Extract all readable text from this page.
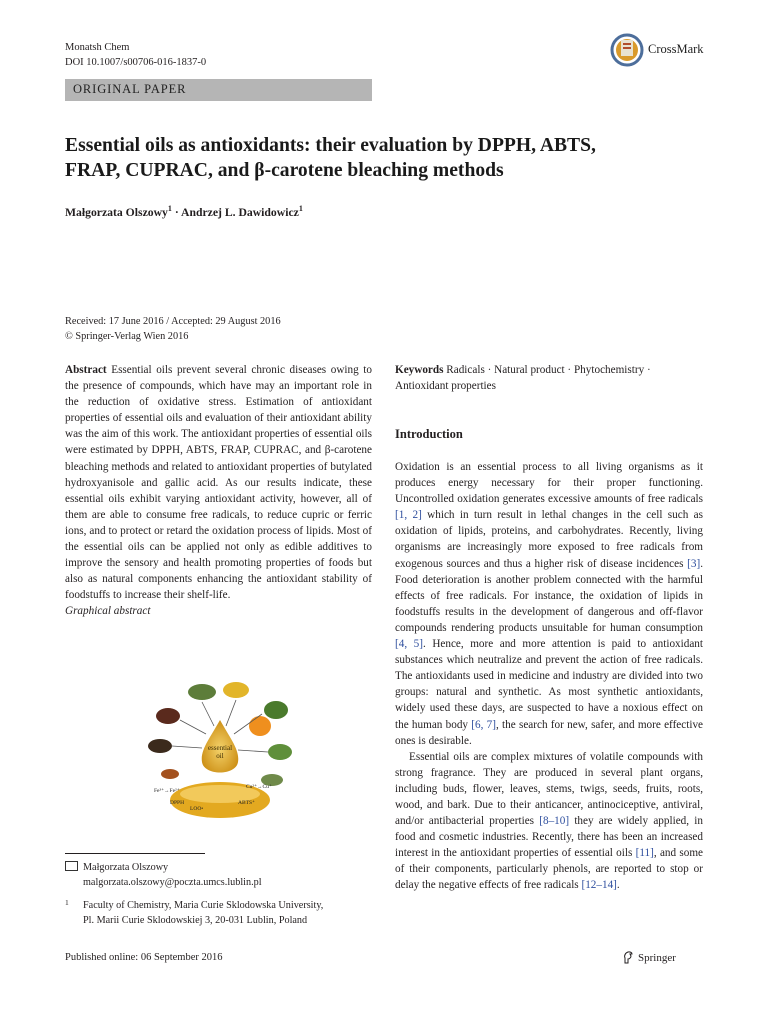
Monatsh Chem
DOI 10.1007/s00706-016-1837-0
CrossMark
ORIGINAL PAPER
Essential oils as antioxidants: their evaluation by DPPH, ABTS,
FRAP, CUPRAC, and β-carotene bleaching methods
Małgorzata Olszowy$^1$ · Andrzej L. Dawidowicz$^1$
Received: 17 June 2016 / Accepted: 29 August 2016
© Springer-Verlag Wien 2016

Abstract Essential oils prevent several chronic diseases owing to the presence of compounds, which have may an important role in the reduction of oxidative stress. Estimation of antioxidant properties of essential oils and evaluation of their antioxidant ability was the aim of this work. The antioxidant properties of essential oils were estimated by DPPH, ABTS, FRAP, CUPRAC, and β-carotene bleaching methods and related to antioxidant properties of butylated hydroxyanisole and gallic acid. As our results indicate, these essential oils exhibit varying antioxidant activity, however, all of them are able to consume free radicals, to reduce cupric or ferric ions, and to protect or retard the oxidation process of lipids. Most of the essential oils can be applied not only as edible additives to improve the sensory and health promoting properties of foods but also as natural components enhancing the antioxidant stability of foodstuffs to increase their shelf-life.

Graphical abstract

essential
oil
Fe³⁺→Fe²⁺
Cu²⁺→Cu⁺
DPPH	ABTS⁺
LOO•

Keywords Radicals · Natural product · Phytochemistry · Antioxidant properties

Introduction

Oxidation is an essential process to all living organisms as it produces energy necessary for their proper functioning. Uncontrolled oxidation generates excessive amounts of free radicals [1, 2] which in turn result in lethal changes in the cell such as oxidation of lipids, proteins, and carbohydrates. Recently, living organisms are increasingly more exposed to free radicals from exogenous sources and thus a higher risk of disease incidences [3]. Food deterioration is another problem connected with the harmful effects of free radicals. For instance, the oxidation of lipids in foodstuffs results in the development of dangerous and off-flavor compounds rendering products unsuitable for human consumption [4, 5]. Hence, more and more attention is paid to antioxidant substances which neutralize and prevent the action of free radicals. The antioxidants used in medicine and industry are divided into two groups: natural and synthetic. As most synthetic antioxidants, widely used these days, are suspected to have a noxious effect on the human body [6, 7], the search for new, safer, and more effective ones is desirable.

Essential oils are complex mixtures of volatile compounds with strong fragrance. They are produced in several plant organs, including buds, flower, leaves, stems, twigs, seeds, fruits, roots, wood, and bark. Due to their anticancer, antinociceptive, antiviral, and/or antibacterial properties [8–10] they are widely applied, in food and cosmetic industries. Recently, there has been an increased interest in the antioxidant properties of essential oils [11], and some of their components, particularly phenols, are reported to stop or delay the negative effects of free radicals [12–14].

Małgorzata Olszowy
malgorzata.olszowy@poczta.umcs.lublin.pl
1 Faculty of Chemistry, Maria Curie Sklodowska University,
Pl. Marii Curie Sklodowskiej 3, 20-031 Lublin, Poland
Published online: 06 September 2016	Springer
